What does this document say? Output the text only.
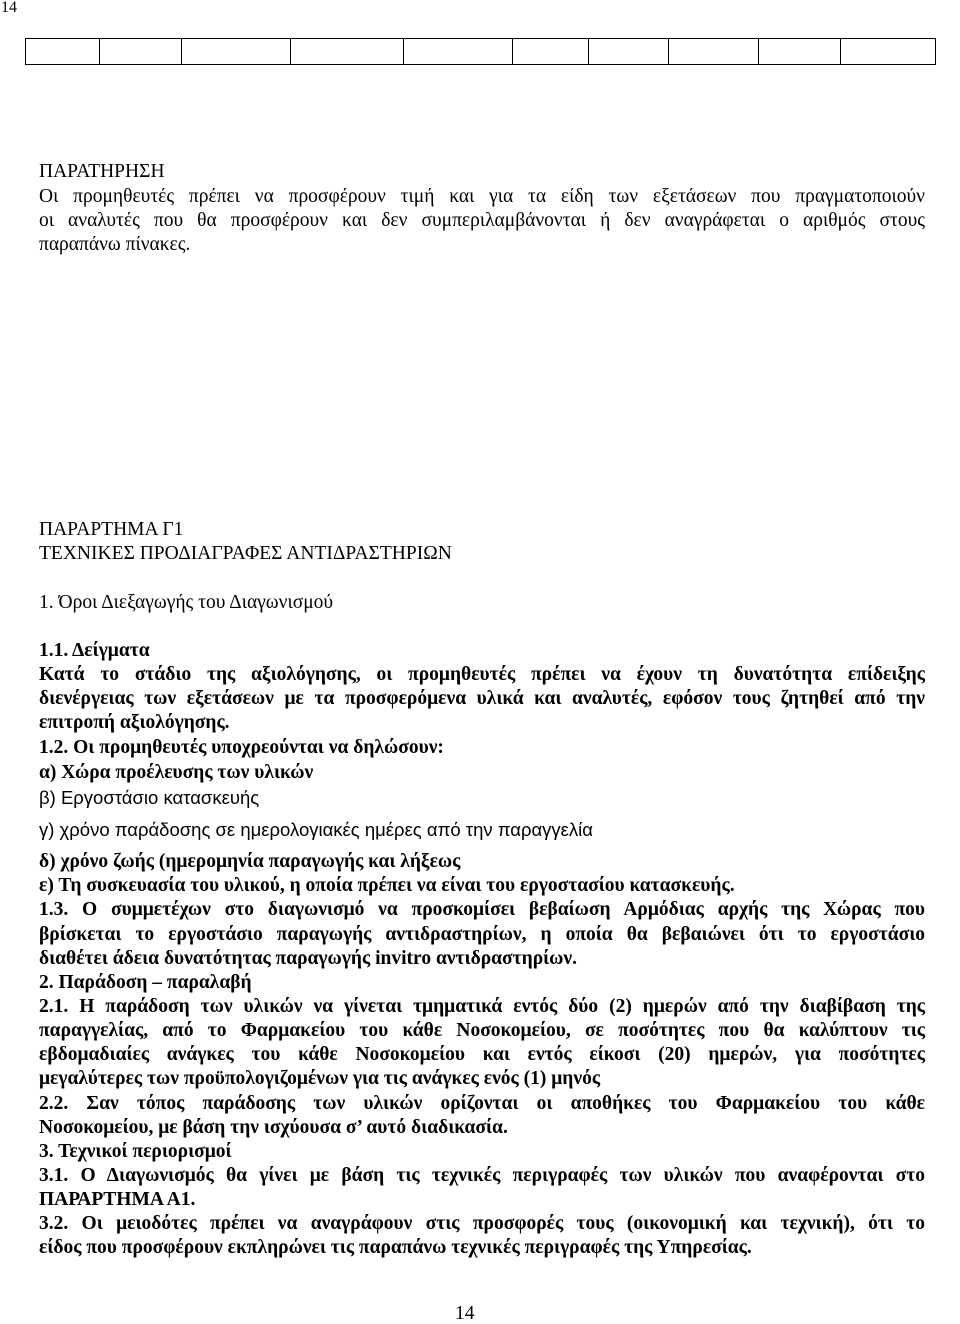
14

ΠΑΡΑΤΗΡΗΣΗ
Οι προμηθευτές πρέπει να προσφέρουν τιμή και για τα είδη των εξετάσεων που πραγματοποιούν
οι αναλυτές που θα προσφέρουν και δεν συμπεριλαμβάνονται ή δεν αναγράφεται ο αριθμός στους
παραπάνω πίνακες.
ΠΑΡΑΡΤΗΜΑ Γ1
ΤΕΧΝΙΚΕΣ ΠΡΟΔΙΑΓΡΑΦΕΣ ΑΝΤΙΔΡΑΣΤΗΡΙΩΝ
1. Όροι Διεξαγωγής του Διαγωνισμού
1.1. Δείγματα
Κατά το στάδιο της αξιολόγησης, οι προμηθευτές πρέπει να έχουν τη δυνατότητα επίδειξης
διενέργειας των εξετάσεων με τα προσφερόμενα υλικά και αναλυτές, εφόσον τους ζητηθεί από την
επιτροπή αξιολόγησης.
1.2. Οι προμηθευτές υποχρεούνται να δηλώσουν:
α) Χώρα προέλευσης των υλικών
β) Εργοστάσιο κατασκευής
γ) χρόνο παράδοσης σε ημερολογιακές ημέρες από την παραγγελία
δ) χρόνο ζωής (ημερομηνία παραγωγής και λήξεως
ε) Τη συσκευασία του υλικού, η οποία πρέπει να είναι του εργοστασίου κατασκευής.
1.3. Ο συμμετέχων στο διαγωνισμό να προσκομίσει βεβαίωση Αρμόδιας αρχής της Χώρας που
βρίσκεται το εργοστάσιο παραγωγής αντιδραστηρίων, η οποία θα βεβαιώνει ότι το εργοστάσιο
διαθέτει άδεια δυνατότητας παραγωγής invitro αντιδραστηρίων.
2. Παράδοση – παραλαβή
2.1. Η παράδοση των υλικών να γίνεται τμηματικά εντός δύο (2) ημερών από την διαβίβαση της
παραγγελίας, από το Φαρμακείου του κάθε Νοσοκομείου, σε ποσότητες που θα καλύπτουν τις
εβδομαδιαίες ανάγκες του κάθε Νοσοκομείου και εντός είκοσι (20) ημερών, για ποσότητες
μεγαλύτερες των προϋπολογιζομένων για τις ανάγκες ενός (1) μηνός
2.2. Σαν τόπος παράδοσης των υλικών ορίζονται οι αποθήκες του Φαρμακείου του κάθε
Νοσοκομείου, με βάση την ισχύουσα σ’ αυτό διαδικασία.
3. Τεχνικοί περιορισμοί
3.1. Ο Διαγωνισμός θα γίνει με βάση τις τεχνικές περιγραφές των υλικών που αναφέρονται στο
ΠΑΡΑΡΤΗΜΑ Α1.
3.2. Οι μειοδότες πρέπει να αναγράφουν στις προσφορές τους (οικονομική και τεχνική), ότι το
είδος που προσφέρουν εκπληρώνει τις παραπάνω τεχνικές περιγραφές της Υπηρεσίας.
14
